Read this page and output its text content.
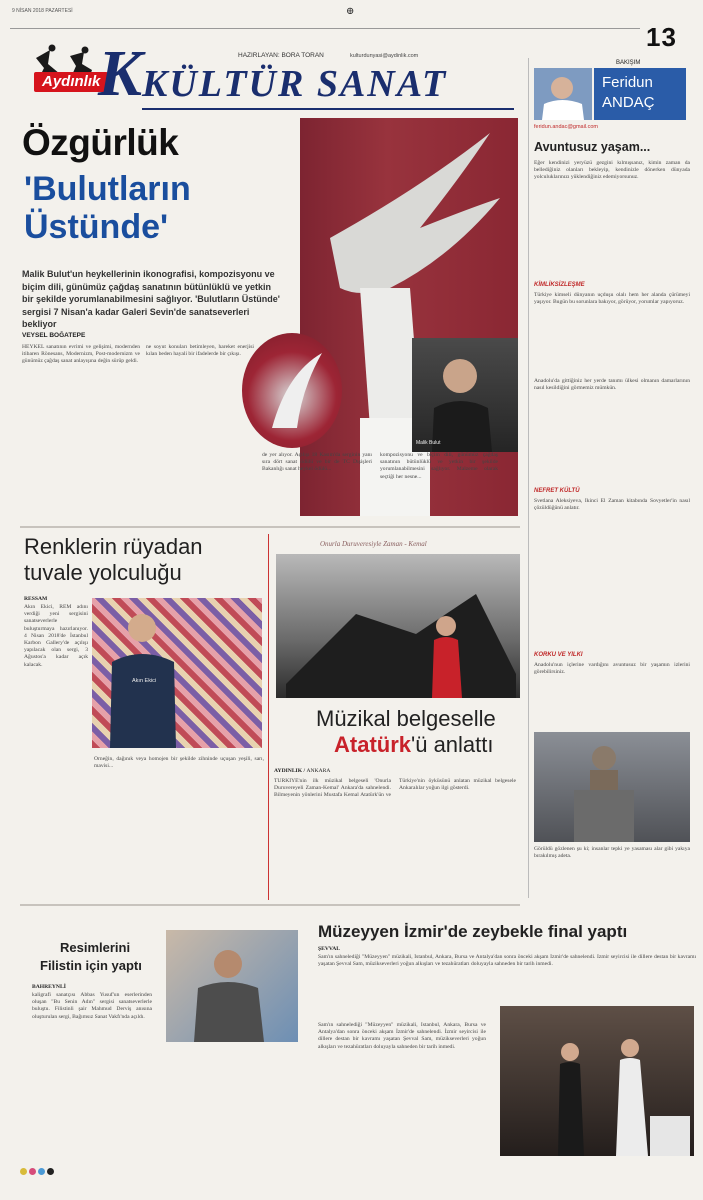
9 NİSAN 2018 PAZARTESİ
13
⊕
HAZIRLAYAN: BORA TORAN	kulturdunyasi@aydinlik.com
Aydınlık
K KÜLTÜR SANAT
Özgürlük
'Bulutların Üstünde'
Malik Bulut'un heykellerinin ikonografisi, kompozisyonu ve biçim dili, günümüz çağdaş sanatının bütünlüklü ve yetkin bir şekilde yorumlanabilmesini sağlıyor. 'Bulutların Üstünde' sergisi 7 Nisan'a kadar Galeri Sevin'de sanatseverleri bekliyor
VEYSEL BOĞATEPE
Malik Bulut
HEYKEL sanatının evrimi ve gelişimi, modernden itibaren Rönesans, Modernizm, Post-modernizm ve günümüz çağdaş sanat anlayışına değin sürüp geldi.
ne soyut konuları betimleyen, hareket enerjisi kılan beden hayali bir ifadelerde bir çıkışı.
de yer alıyor. Açılışı 18 Kasım'da serginin yanı sıra dört sanat ödülü ve bir de TC Dışişleri Bakanlığı sanat heykel ödülü...
kompozisyonu ve biçim dili, günümüz çağdaş sanatının bütünlüklü ve yetkin bir şekilde yorumlanabilmesini sağlıyor. Malzeme olarak seçtiği her nesne...
Renklerin rüyadan tuvale yolculuğu
RESSAM
Akın Ekici, REM adını verdiği yeni sergisini sanatseverlerle buluşturmaya hazırlanıyor. 4 Nisan 2018'de İstanbul Karbon Gallery'de açılışı yapılacak olan sergi, 3 Ağustos'a kadar açık kalacak.
Akın Ekici
Örneğin, dağınık veya homojen bir şekilde zihninde uçuşan yeşili, sarı, mavisi...
Onurla Duruveresiyle Zaman - Kemal
Müzikal belgeselle
Atatürk'ü anlattı
AYDINLIK / ANKARA
TÜRKİYE'nin ilk müzikal belgeseli 'Onurla Duruvereyeli Zaman-Kemal' Ankara'da sahnelendi. Bilmeyenin yönlerini Mustafa Kemal Atatürk'ün ve Türkiye'nin öyküsünü anlatan müzikal belgesele Ankaralılar yoğun ilgi gösterdi.
Resimlerini
Filistin için yaptı
BAHREYNLİ
kaligrafi sanatçısı Abbas Yusuf'un eserlerinden oluşan "Bu Senin Adın" sergisi sanatseverlerle buluştu. Filistinli şair Mahmud Derviş anısına oluşturulan sergi, Bağımsız Sanat Vakfı'nda açıldı.
Müzeyyen İzmir'de zeybekle final yaptı
ŞEVVAL
Sam'ın sahnelediği "Müzeyyen" müzikali, İstanbul, Ankara, Bursa ve Antalya'dan sonra önceki akşam İzmir'de sahnelendi. İzmir seyircisi ile dillere destan bir kavramı yaşatan Şevval Sam, müzikseverleri yoğun alkışları ve tezahüratları doluyayla sahneden bir tarih inmedi.
Sam'ın sahnelediği "Müzeyyen" müzikali, İstanbul, Ankara, Bursa ve Antalya'dan sonra önceki akşam İzmir'de sahnelendi. İzmir seyircisi ile dillere destan bir kavramı yaşatan Şevval Sam, müzikseverleri yoğun alkışları ve tezahüratları doluyayla sahneden bir tarih inmedi.
BAKIŞIM
Feridun
ANDAÇ
feridun.andac@gmail.com
Avuntusuz yaşam...
Eğer kendinizi yeryüzü gezgini kılmışsanız, kimin zaman da bellediğiniz olanları bekleyip, kendinizle dönerken dünyada yolculuklarınızı yüklendiğiniz edemiyorsunuz.
KİMLİKSİZLEŞME
Türkiye kimseli dünyanın uçduşu olalı hem her alanda çürümeyi yaşıyor. Bugün bu sorunlara bakıyor, görüyor, yorumlar yapıyoruz.
Anadolu'da gittiğiniz her yerde tanımı ülkesi olmanın damarlarının nasıl kesildiğini görmemiz mümkün.
NEFRET KÜLTÜ
Svetlana Aleksiyeva, İkinci El Zaman kitabında Sovyetler'in nasıl çözüldüğünü anlatır.
KORKU VE YILKI
Anadolu'nun içlerine vardığını avuntusuz bir yaşamın izlerini görebilirsiniz.
Görüldü gözlenen şu ki; insanlar tepki ye yasaması alar gibi yakıya bırakılmış adeta.
